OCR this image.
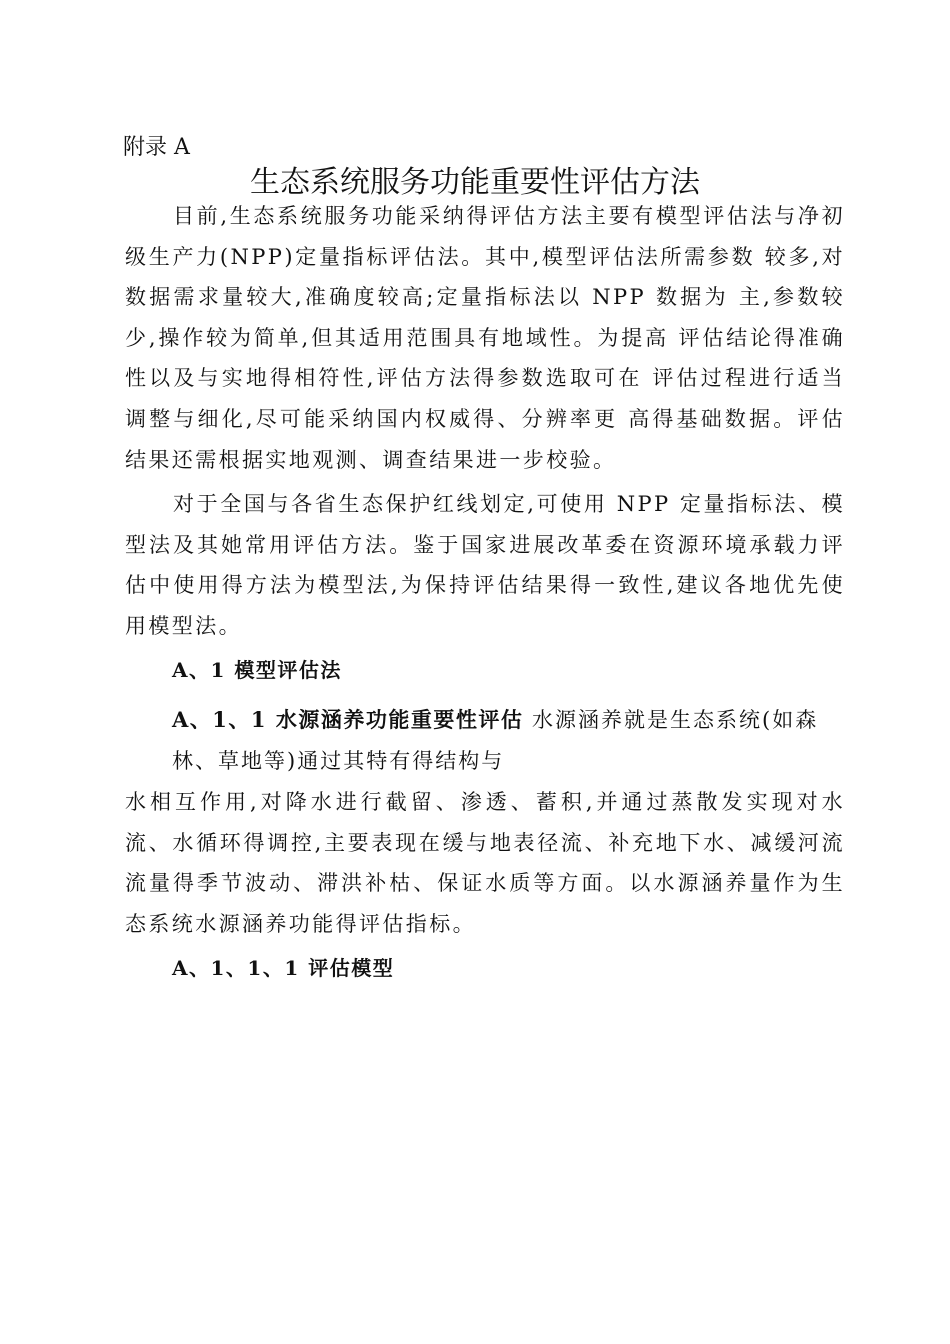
附录 A
生态系统服务功能重要性评估方法

目前,生态系统服务功能采纳得评估方法主要有模型评估法与净初级生产力(NPP)定量指标评估法。其中,模型评估法所需参数 较多,对数据需求量较大,准确度较高;定量指标法以 NPP 数据为 主,参数较少,操作较为简单,但其适用范围具有地域性。为提高 评估结论得准确性以及与实地得相符性,评估方法得参数选取可在 评估过程进行适当调整与细化,尽可能采纳国内权威得、分辨率更 高得基础数据。评估结果还需根据实地观测、调查结果进一步校验。

对于全国与各省生态保护红线划定,可使用 NPP 定量指标法、模型法及其她常用评估方法。鉴于国家进展改革委在资源环境承载力评估中使用得方法为模型法,为保持评估结果得一致性,建议各地优先使用模型法。

A、1 模型评估法

A、1、1 水源涵养功能重要性评估 水源涵养就是生态系统(如森林、草地等)通过其特有得结构与

水相互作用,对降水进行截留、渗透、蓄积,并通过蒸散发实现对水流、水循环得调控,主要表现在缓与地表径流、补充地下水、减缓河流流量得季节波动、滞洪补枯、保证水质等方面。以水源涵养量作为生态系统水源涵养功能得评估指标。

A、1、1、1 评估模型
